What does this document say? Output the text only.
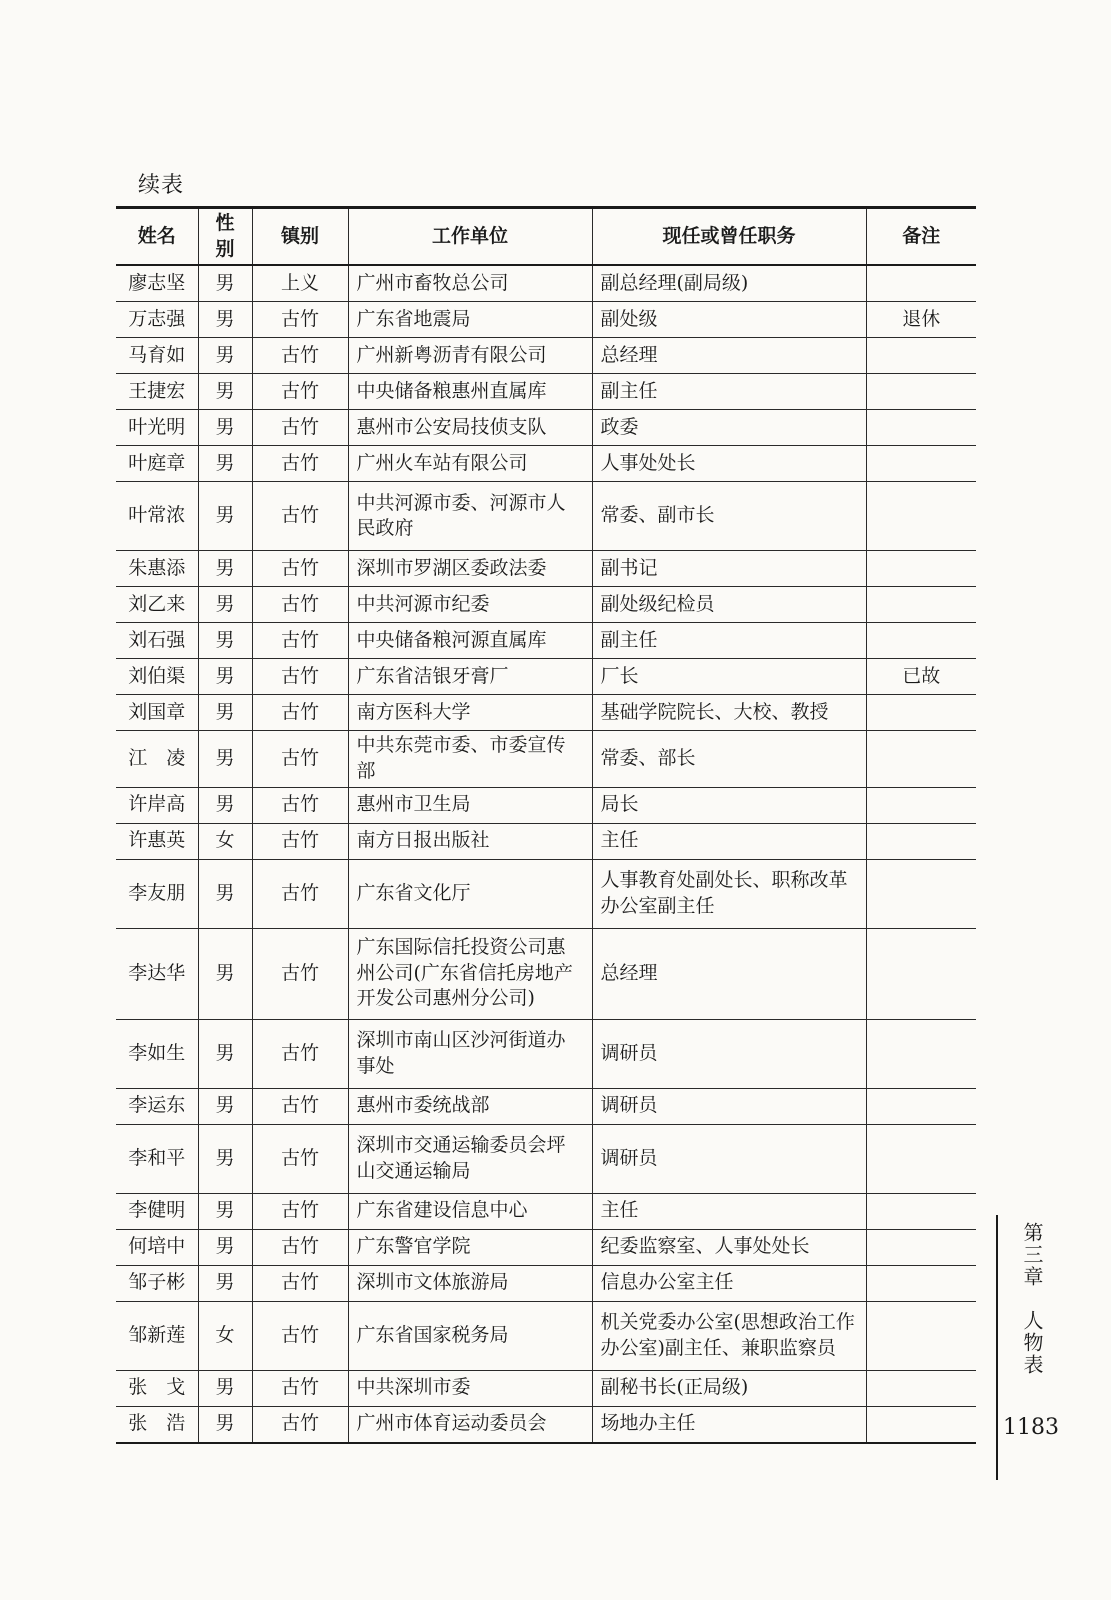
续表
姓名	性别	镇别	工作单位	现任或曾任职务	备注
廖志坚	男	上义	广州市畜牧总公司	副总经理(副局级)	
万志强	男	古竹	广东省地震局	副处级	退休
马育如	男	古竹	广州新粤沥青有限公司	总经理	
王捷宏	男	古竹	中央储备粮惠州直属库	副主任	
叶光明	男	古竹	惠州市公安局技侦支队	政委	
叶庭章	男	古竹	广州火车站有限公司	人事处处长	
叶常浓	男	古竹	中共河源市委、河源市人民政府	常委、副市长	
朱惠添	男	古竹	深圳市罗湖区委政法委	副书记	
刘乙来	男	古竹	中共河源市纪委	副处级纪检员	
刘石强	男	古竹	中央储备粮河源直属库	副主任	
刘伯渠	男	古竹	广东省洁银牙膏厂	厂长	已故
刘国章	男	古竹	南方医科大学	基础学院院长、大校、教授	
江　凌	男	古竹	中共东莞市委、市委宣传部	常委、部长	
许岸高	男	古竹	惠州市卫生局	局长	
许惠英	女	古竹	南方日报出版社	主任	
李友朋	男	古竹	广东省文化厅	人事教育处副处长、职称改革办公室副主任	
李达华	男	古竹	广东国际信托投资公司惠州公司(广东省信托房地产开发公司惠州分公司)	总经理	
李如生	男	古竹	深圳市南山区沙河街道办事处	调研员	
李运东	男	古竹	惠州市委统战部	调研员	
李和平	男	古竹	深圳市交通运输委员会坪山交通运输局	调研员	
李健明	男	古竹	广东省建设信息中心	主任	
何培中	男	古竹	广东警官学院	纪委监察室、人事处处长	
邹子彬	男	古竹	深圳市文体旅游局	信息办公室主任	
邹新莲	女	古竹	广东省国家税务局	机关党委办公室(思想政治工作办公室)副主任、兼职监察员	
张　戈	男	古竹	中共深圳市委	副秘书长(正局级)	
张　浩	男	古竹	广州市体育运动委员会	场地办主任	
第三章　人物表
1183
